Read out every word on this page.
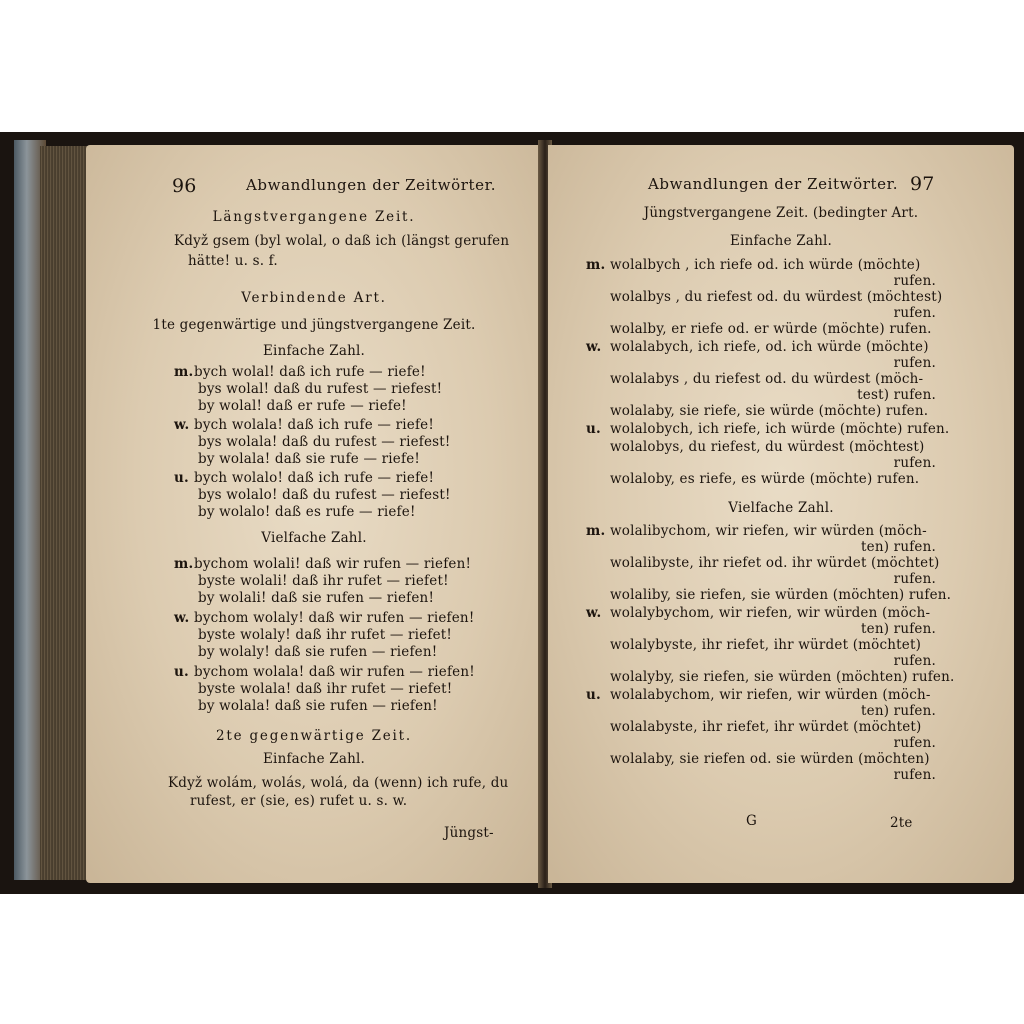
96	Abwandlungen der Zeitwörter.
Längstvergangene Zeit.
Když gsem (byl wolal, o daß ich (längst gerufen
hätte! u. s. f.
Verbindende Art.
1te gegenwärtige und jüngstvergangene Zeit.
Einfache Zahl.
m. bych wolal! daß ich rufe — riefe!
bys wolal! daß du rufest — riefest!
by wolal! daß er rufe — riefe!
w. bych wolala! daß ich rufe — riefe!
bys wolala! daß du rufest — riefest!
by wolala! daß sie rufe — riefe!
u. bych wolalo! daß ich rufe — riefe!
bys wolalo! daß du rufest — riefest!
by wolalo! daß es rufe — riefe!
Vielfache Zahl.
m. bychom wolali! daß wir rufen — riefen!
byste wolali! daß ihr rufet — riefet!
by wolali! daß sie rufen — riefen!
w. bychom wolaly! daß wir rufen — riefen!
byste wolaly! daß ihr rufet — riefet!
by wolaly! daß sie rufen — riefen!
u. bychom wolala! daß wir rufen — riefen!
byste wolala! daß ihr rufet — riefet!
by wolala! daß sie rufen — riefen!
2te gegenwärtige Zeit.
Einfache Zahl.
Když wolám, wolás, wolá, da (wenn) ich rufe, du
rufest, er (sie, es) rufet u. s. w.
Jüngst-
Abwandlungen der Zeitwörter. 97
Jüngstvergangene Zeit. (bedingter Art.
Einfache Zahl.
m. wolalbych , ich riefe od. ich würde (möchte)
rufen.
wolalbys , du riefest od. du würdest (möchtest)
rufen.
wolalby, er riefe od. er würde (möchte) rufen.
w. wolalabych, ich riefe, od. ich würde (möchte)
rufen.
wolalabys , du riefest od. du würdest (möch-
test) rufen.
wolalaby, sie riefe, sie würde (möchte) rufen.
u. wolalobych, ich riefe, ich würde (möchte) rufen.
wolalobys, du riefest, du würdest (möchtest)
rufen.
wolaloby, es riefe, es würde (möchte) rufen.
Vielfache Zahl.
m. wolalibychom, wir riefen, wir würden (möch-
ten) rufen.
wolalibyste, ihr riefet od. ihr würdet (möchtet)
rufen.
wolaliby, sie riefen, sie würden (möchten) rufen.
w. wolalybychom, wir riefen, wir würden (möch-
ten) rufen.
wolalybyste, ihr riefet, ihr würdet (möchtet)
rufen.
wolalyby, sie riefen, sie würden (möchten) rufen.
u. wolalabychom, wir riefen, wir würden (möch-
ten) rufen.
wolalabyste, ihr riefet, ihr würdet (möchtet)
rufen.
wolalaby, sie riefen od. sie würden (möchten)
rufen.
G	2te
